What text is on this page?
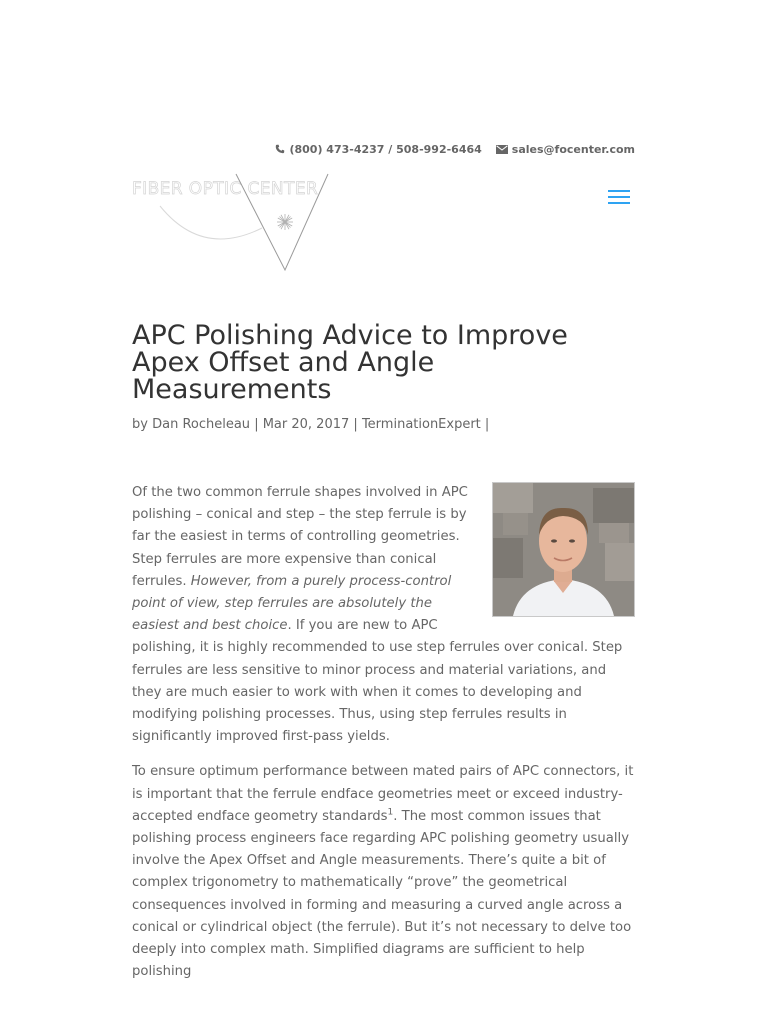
(800) 473-4237 / 508-992-6464	sales@focenter.com
FIBER OPTIC CENTER
APC Polishing Advice to Improve Apex Offset and Angle Measurements
by Dan Rocheleau | Mar 20, 2017 | TerminationExpert |

Of the two common ferrule shapes involved in APC polishing – conical and step – the step ferrule is by far the easiest in terms of controlling geometries. Step ferrules are more expensive than conical ferrules. However, from a purely process-control point of view, step ferrules are absolutely the easiest and best choice. If you are new to APC polishing, it is highly recommended to use step ferrules over conical. Step ferrules are less sensitive to minor process and material variations, and they are much easier to work with when it comes to developing and modifying polishing processes. Thus, using step ferrules results in significantly improved first-pass yields.

To ensure optimum performance between mated pairs of APC connectors, it is important that the ferrule endface geometries meet or exceed industry-accepted endface geometry standards$^1$. The most common issues that polishing process engineers face regarding APC polishing geometry usually involve the Apex Offset and Angle measurements. There’s quite a bit of complex trigonometry to mathematically “prove” the geometrical consequences involved in forming and measuring a curved angle across a conical or cylindrical object (the ferrule). But it’s not necessary to delve too deeply into complex math. Simplified diagrams are sufficient to help polishing
